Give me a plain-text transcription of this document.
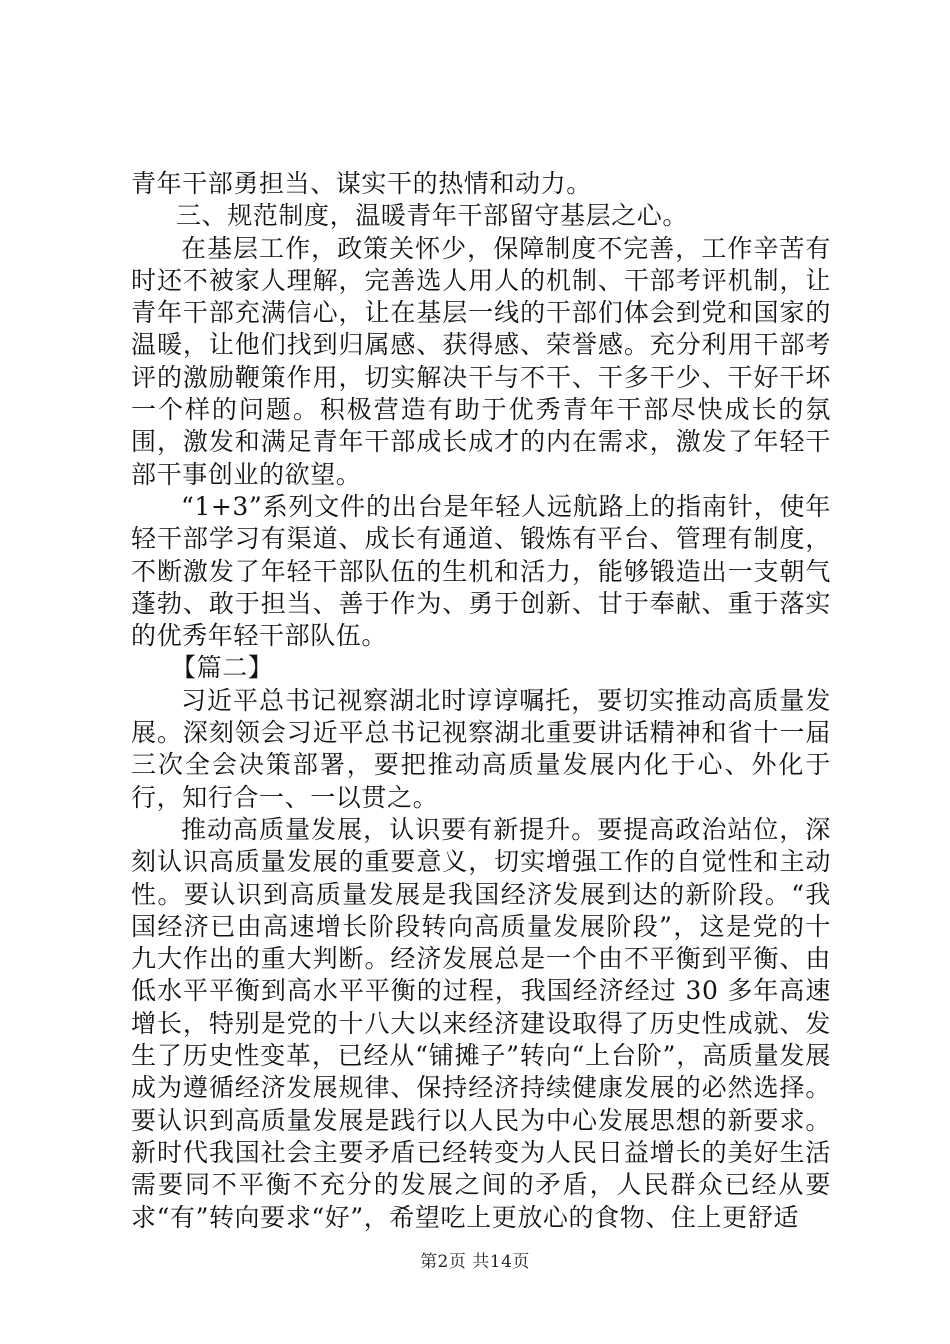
青年干部勇担当、谋实干的热情和动力。

三、规范制度，温暖青年干部留守基层之心。

在基层工作，政策关怀少，保障制度不完善，工作辛苦有时还不被家人理解，完善选人用人的机制、干部考评机制，让青年干部充满信心，让在基层一线的干部们体会到党和国家的温暖，让他们找到归属感、获得感、荣誉感。充分利用干部考评的激励鞭策作用，切实解决干与不干、干多干少、干好干坏一个样的问题。积极营造有助于优秀青年干部尽快成长的氛围，激发和满足青年干部成长成才的内在需求，激发了年轻干部干事创业的欲望。

“1+3”系列文件的出台是年轻人远航路上的指南针，使年轻干部学习有渠道、成长有通道、锻炼有平台、管理有制度，不断激发了年轻干部队伍的生机和活力，能够锻造出一支朝气蓬勃、敢于担当、善于作为、勇于创新、甘于奉献、重于落实的优秀年轻干部队伍。

【篇二】

习近平总书记视察湖北时谆谆嘱托，要切实推动高质量发展。深刻领会习近平总书记视察湖北重要讲话精神和省十一届三次全会决策部署，要把推动高质量发展内化于心、外化于行，知行合一、一以贯之。

推动高质量发展，认识要有新提升。要提高政治站位，深刻认识高质量发展的重要意义，切实增强工作的自觉性和主动性。要认识到高质量发展是我国经济发展到达的新阶段。“我国经济已由高速增长阶段转向高质量发展阶段”，这是党的十九大作出的重大判断。经济发展总是一个由不平衡到平衡、由低水平平衡到高水平平衡的过程，我国经济经过 30 多年高速增长，特别是党的十八大以来经济建设取得了历史性成就、发生了历史性变革，已经从“铺摊子”转向“上台阶”，高质量发展成为遵循经济发展规律、保持经济持续健康发展的必然选择。要认识到高质量发展是践行以人民为中心发展思想的新要求。新时代我国社会主要矛盾已经转变为人民日益增长的美好生活需要同不平衡不充分的发展之间的矛盾，人民群众已经从要求“有”转向要求“好”，希望吃上更放心的食物、住上更舒适

第2页 共14页
